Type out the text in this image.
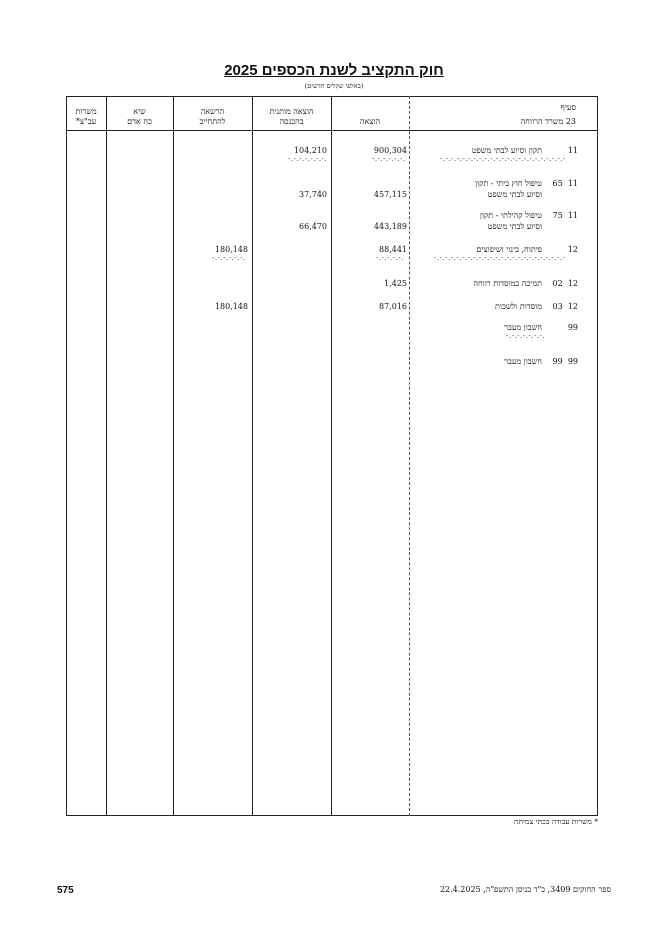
חוק התקציב לשנת הכספים 2025
(באלפי שקלים חדשים)
משרות
עב"צ*
שיא
כח אדם
הרשאה
להתחייב
הוצאה מותנית
בהכנסה	הוצאה
סעיף
23 משרד הרווחה
11
תקון וסיוע לבתי משפט
-.-.-.-.-.-.-.-.-.-.-.-.-.-.-.-.-.-.-.-.-.-.-
900,304
-.-.-.-.-.-.
104,210
-.-.-.-.-.-.-.
11  65
טיפול חוץ ביתי - תקון
וסיוע לבתי משפט
457,115
37,740
11  75
טיפול קהילתי - תקון
וסיוע לבתי משפט
443,189
66,470
12
פיתוח, בינוי ושיפוצים
-.-.-.-.-.-.-.-.-.-.-.-.-.-.-.-.-.-.-.-.-.-.-.-
88,441
-.-.-.-.-.
180,148
-.-.-.-.-.-.
12  02
תמיכה במוסדות רווחה
1,425
12  03
מוסדות ולשכות
87,016
180,148
99
חשבון מעבר
-.-.-.-.-.-.-.
99  99
חשבון מעבר
* משרות עבודה בכתי צמיתה
575	ספר החוקים 3409, כ"ד בניסן התשפ"ה, 22.4.2025
